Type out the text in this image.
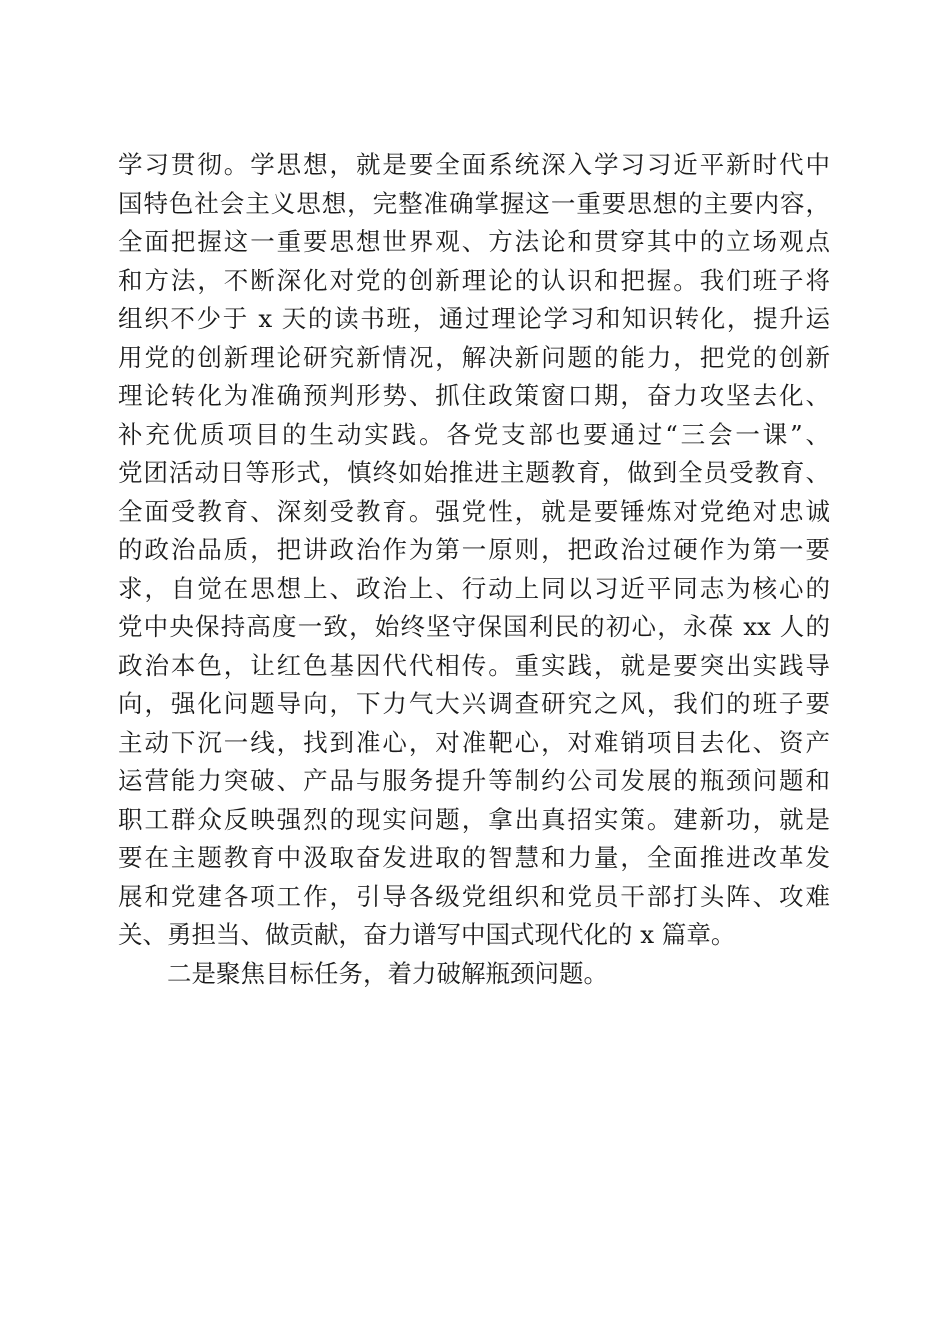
学习贯彻。学思想，就是要全面系统深入学习习近平新时代中
国特色社会主义思想，完整准确掌握这一重要思想的主要内容，
全面把握这一重要思想世界观、方法论和贯穿其中的立场观点
和方法，不断深化对党的创新理论的认识和把握。我们班子将
组织不少于 x 天的读书班，通过理论学习和知识转化，提升运
用党的创新理论研究新情况，解决新问题的能力，把党的创新
理论转化为准确预判形势、抓住政策窗口期，奋力攻坚去化、
补充优质项目的生动实践。各党支部也要通过“三会一课”、
党团活动日等形式，慎终如始推进主题教育，做到全员受教育、
全面受教育、深刻受教育。强党性，就是要锤炼对党绝对忠诚
的政治品质，把讲政治作为第一原则，把政治过硬作为第一要
求，自觉在思想上、政治上、行动上同以习近平同志为核心的
党中央保持高度一致，始终坚守保国利民的初心，永葆 xx 人的
政治本色，让红色基因代代相传。重实践，就是要突出实践导
向，强化问题导向，下力气大兴调查研究之风，我们的班子要
主动下沉一线，找到准心，对准靶心，对难销项目去化、资产
运营能力突破、产品与服务提升等制约公司发展的瓶颈问题和
职工群众反映强烈的现实问题，拿出真招实策。建新功，就是
要在主题教育中汲取奋发进取的智慧和力量，全面推进改革发
展和党建各项工作，引导各级党组织和党员干部打头阵、攻难
关、勇担当、做贡献，奋力谱写中国式现代化的 x 篇章。
二是聚焦目标任务，着力破解瓶颈问题。
